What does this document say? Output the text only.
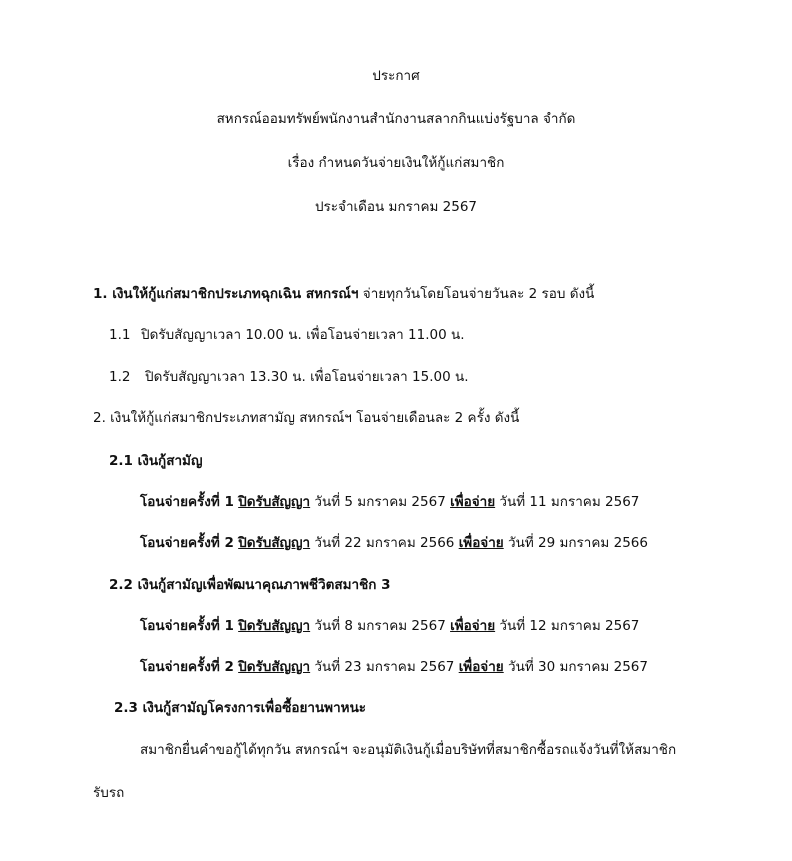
ประกาศ
สหกรณ์ออมทรัพย์พนักงานสำนักงานสลากกินแบ่งรัฐบาล จำกัด
เรื่อง กำหนดวันจ่ายเงินให้กู้แก่สมาชิก
ประจำเดือน มกราคม 2567
1. เงินให้กู้แก่สมาชิกประเภทฉุกเฉิน สหกรณ์ฯ จ่ายทุกวันโดยโอนจ่ายวันละ 2 รอบ ดังนี้
1.1 ปิดรับสัญญาเวลา 10.00 น. เพื่อโอนจ่ายเวลา 11.00 น.
1.2 ปิดรับสัญญาเวลา 13.30 น. เพื่อโอนจ่ายเวลา 15.00 น.
2. เงินให้กู้แก่สมาชิกประเภทสามัญ สหกรณ์ฯ โอนจ่ายเดือนละ 2 ครั้ง ดังนี้
2.1 เงินกู้สามัญ
โอนจ่ายครั้งที่ 1 ปิดรับสัญญา วันที่ 5 มกราคม 2567 เพื่อจ่าย วันที่ 11 มกราคม 2567
โอนจ่ายครั้งที่ 2 ปิดรับสัญญา วันที่ 22 มกราคม 2566 เพื่อจ่าย วันที่ 29 มกราคม 2566
2.2 เงินกู้สามัญเพื่อพัฒนาคุณภาพชีวิตสมาชิก 3
โอนจ่ายครั้งที่ 1 ปิดรับสัญญา วันที่ 8 มกราคม 2567 เพื่อจ่าย วันที่ 12 มกราคม 2567
โอนจ่ายครั้งที่ 2 ปิดรับสัญญา วันที่ 23 มกราคม 2567 เพื่อจ่าย วันที่ 30 มกราคม 2567
2.3 เงินกู้สามัญโครงการเพื่อซื้อยานพาหนะ
สมาชิกยื่นคำขอกู้ได้ทุกวัน สหกรณ์ฯ จะอนุมัติเงินกู้เมื่อบริษัทที่สมาชิกซื้อรถแจ้งวันที่ให้สมาชิก
รับรถ
